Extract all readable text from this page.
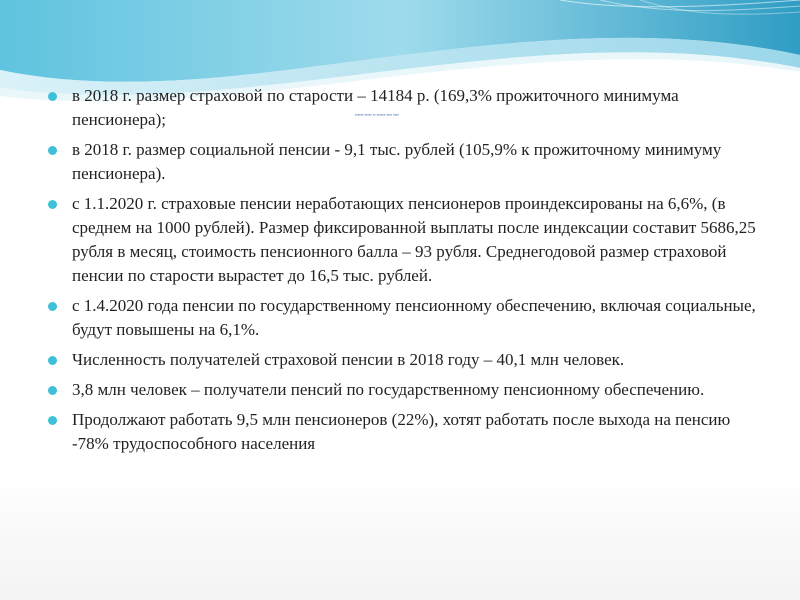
▪▪▪▪▪▪ ▪▪▪▪▪ ▪▪ ▪▪▪▪▪▪ ▪▪▪▪ ▪▪▪▪
в 2018 г. размер страховой по старости – 14184 р. (169,3% прожиточного минимума пенсионера);
в 2018 г. размер социальной пенсии - 9,1 тыс. рублей (105,9% к прожиточному минимуму пенсионера).
с 1.1.2020 г. страховые пенсии неработающих пенсионеров проиндексированы на 6,6%, (в среднем на 1000 рублей). Размер фиксированной выплаты после индексации составит 5686,25 рубля в месяц, стоимость пенсионного балла – 93 рубля. Среднегодовой размер страховой пенсии по старости вырастет до 16,5 тыс. рублей.
с 1.4.2020 года пенсии по государственному пенсионному обеспечению, включая социальные, будут повышены на 6,1%.
Численность получателей страховой пенсии в 2018 году – 40,1 млн человек.
3,8 млн человек – получатели пенсий по государственному пенсионному обеспечению.
Продолжают работать 9,5 млн пенсионеров (22%), хотят работать после выхода на пенсию -78% трудоспособного населения
